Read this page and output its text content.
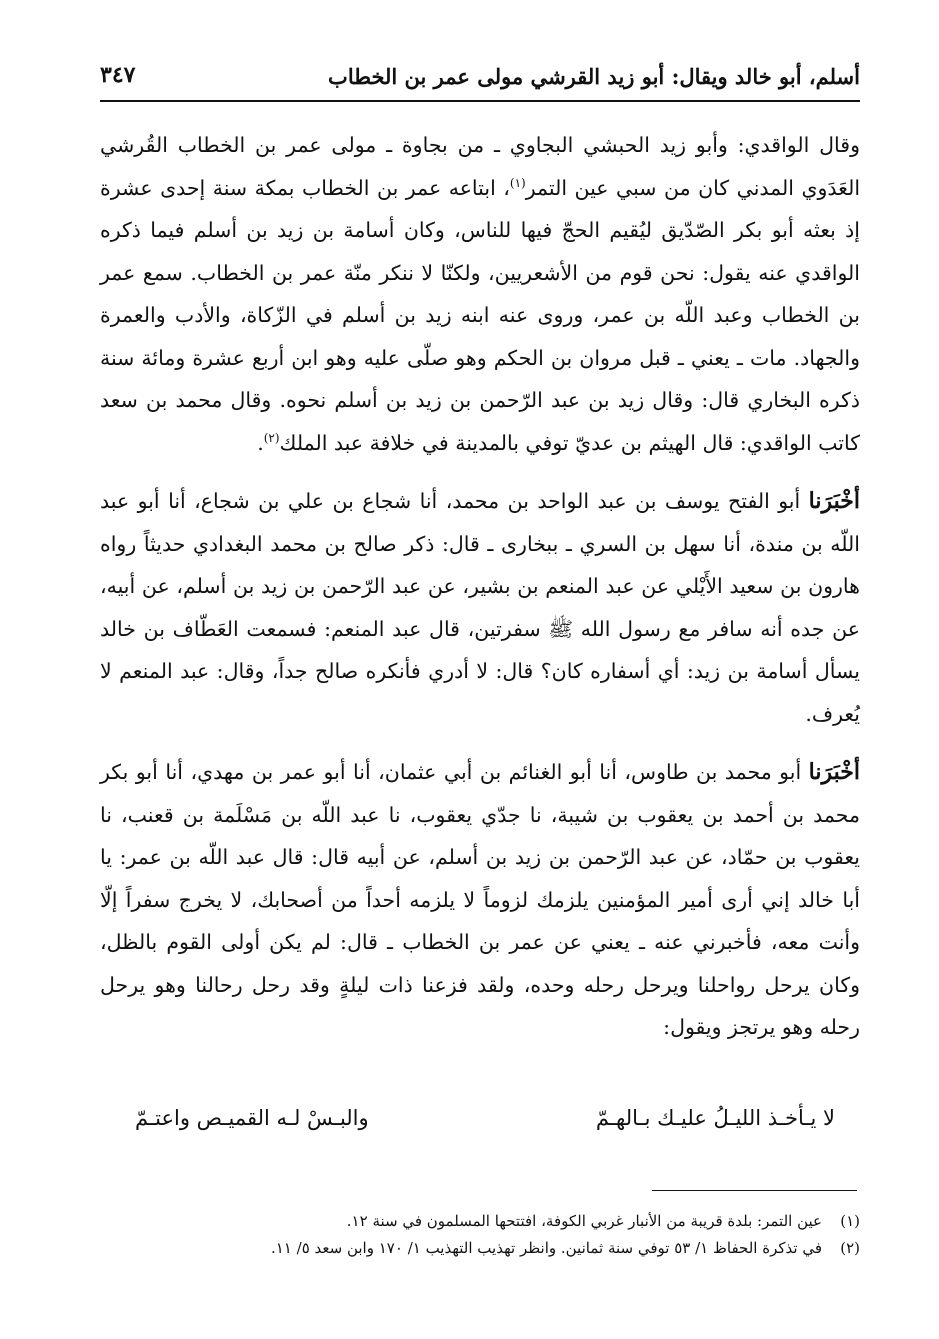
أسلم، أبو خالد ويقال: أبو زيد القرشي مولى عمر بن الخطاب
٣٤٧

وقال الواقدي: وأبو زيد الحبشي البجاوي ـ من بجاوة ـ مولى عمر بن الخطاب القُرشي العَدَوي المدني كان من سبي عين التمر$^{(١)}$، ابتاعه عمر بن الخطاب بمكة سنة إحدى عشرة إذ بعثه أبو بكر الصّدّيق ليُقيم الحجّ فيها للناس، وكان أسامة بن زيد بن أسلم فيما ذكره الواقدي عنه يقول: نحن قوم من الأشعريين، ولكنّا لا ننكر منّة عمر بن الخطاب. سمع عمر بن الخطاب وعبد اللّه بن عمر، وروى عنه ابنه زيد بن أسلم في الزّكاة، والأدب والعمرة والجهاد. مات ـ يعني ـ قبل مروان بن الحكم وهو صلّى عليه وهو ابن أربع عشرة ومائة سنة ذكره البخاري قال: وقال زيد بن عبد الرّحمن بن زيد بن أسلم نحوه. وقال محمد بن سعد كاتب الواقدي: قال الهيثم بن عديّ توفي بالمدينة في خلافة عبد الملك$^{(٢)}$.

أخْبَرَنا أبو الفتح يوسف بن عبد الواحد بن محمد، أنا شجاع بن علي بن شجاع، أنا أبو عبد اللّه بن مندة، أنا سهل بن السري ـ ببخارى ـ قال: ذكر صالح بن محمد البغدادي حديثاً رواه هارون بن سعيد الأَيْلي عن عبد المنعم بن بشير، عن عبد الرّحمن بن زيد بن أسلم، عن أبيه، عن جده أنه سافر مع رسول الله ﷺ سفرتين، قال عبد المنعم: فسمعت العَطّاف بن خالد يسأل أسامة بن زيد: أي أسفاره كان؟ قال: لا أدري فأنكره صالح جداً، وقال: عبد المنعم لا يُعرف.

أخْبَرَنا أبو محمد بن طاوس، أنا أبو الغنائم بن أبي عثمان، أنا أبو عمر بن مهدي، أنا أبو بكر محمد بن أحمد بن يعقوب بن شيبة، نا جدّي يعقوب، نا عبد اللّه بن مَسْلَمة بن قعنب، نا يعقوب بن حمّاد، عن عبد الرّحمن بن زيد بن أسلم، عن أبيه قال: قال عبد اللّه بن عمر: يا أبا خالد إني أرى أمير المؤمنين يلزمك لزوماً لا يلزمه أحداً من أصحابك، لا يخرج سفراً إلّا وأنت معه، فأخبرني عنه ـ يعني عن عمر بن الخطاب ـ قال: لم يكن أولى القوم بالظل، وكان يرحل رواحلنا ويرحل رحله وحده، ولقد فزعنا ذات ليلةٍ وقد رحل رحالنا وهو يرحل رحله وهو يرتجز ويقول:

لا يـأخـذ الليـلُ عليـك بـالهـمّ
والبـسْ لـه القميـص واعتـمّ

(١)عين التمر: بلدة قريبة من الأنبار غربي الكوفة، افتتحها المسلمون في سنة ١٢.

(٢)في تذكرة الحفاظ ١/ ٥٣ توفي سنة ثمانين. وانظر تهذيب التهذيب ١/ ١٧٠ وابن سعد ٥/ ١١.
